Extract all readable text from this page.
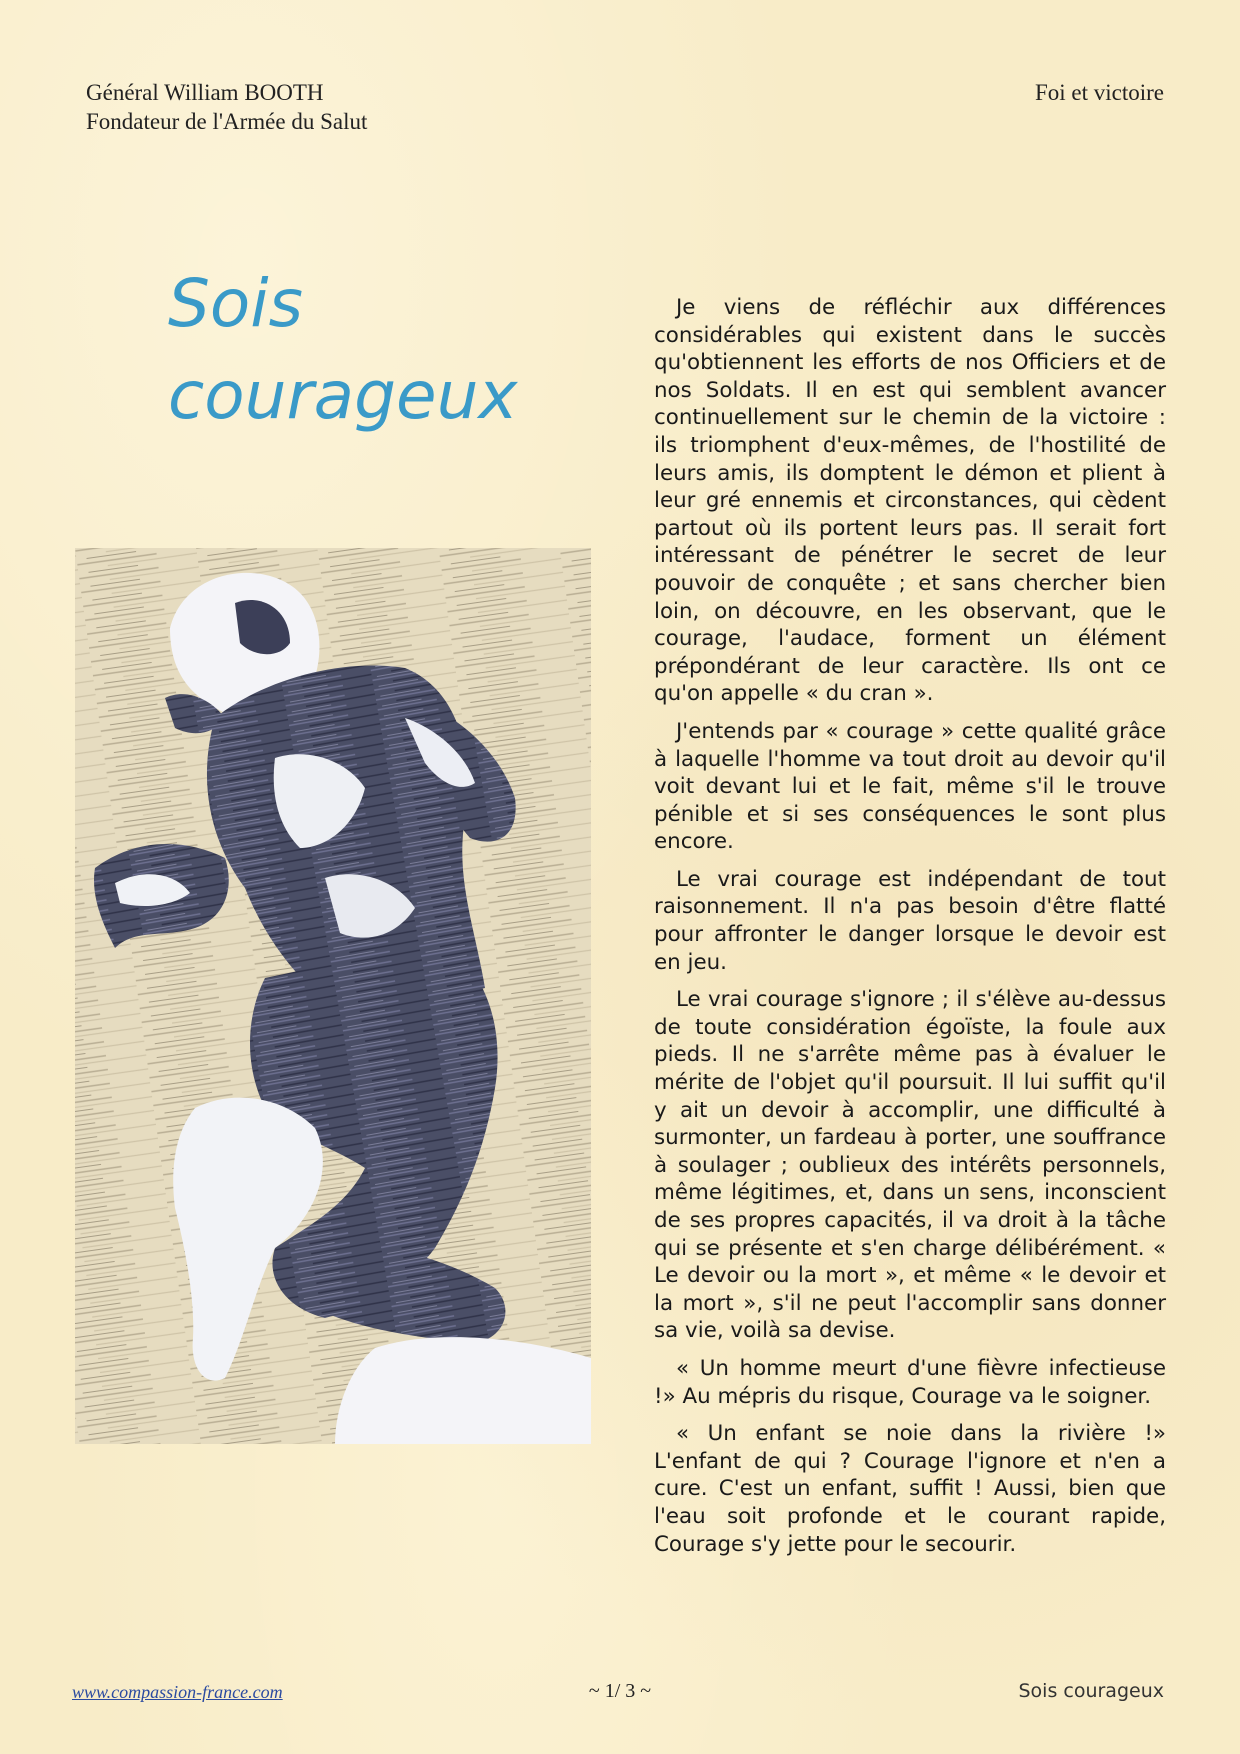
Général William BOOTH
Fondateur de l'Armée du Salut
Foi et victoire
Sois
courageux

Je viens de réfléchir aux différences considérables qui existent dans le succès qu'obtiennent les efforts de nos Officiers et de nos Soldats. Il en est qui semblent avancer continuellement sur le chemin de la victoire : ils triomphent d'eux-mêmes, de l'hostilité de leurs amis, ils domptent le démon et plient à leur gré ennemis et circonstances, qui cèdent partout où ils portent leurs pas. Il serait fort intéressant de pénétrer le secret de leur pouvoir de conquête ; et sans chercher bien loin, on découvre, en les observant, que le courage, l'audace, forment un élément prépondérant de leur caractère. Ils ont ce qu'on appelle « du cran ».

J'entends par « courage » cette qualité grâce à laquelle l'homme va tout droit au devoir qu'il voit devant lui et le fait, même s'il le trouve pénible et si ses conséquences le sont plus encore.

Le vrai courage est indépendant de tout raisonnement. Il n'a pas besoin d'être flatté pour affronter le danger lorsque le devoir est en jeu.

Le vrai courage s'ignore ; il s'élève au-dessus de toute considération égoïste, la foule aux pieds. Il ne s'arrête même pas à évaluer le mérite de l'objet qu'il poursuit. Il lui suffit qu'il y ait un devoir à accomplir, une difficulté à surmonter, un fardeau à porter, une souffrance à soulager ; oublieux des intérêts personnels, même légitimes, et, dans un sens, inconscient de ses propres capacités, il va droit à la tâche qui se présente et s'en charge délibérément. « Le devoir ou la mort », et même « le devoir et la mort », s'il ne peut l'accomplir sans donner sa vie, voilà sa devise.

« Un homme meurt d'une fièvre infectieuse !» Au mépris du risque, Courage va le soigner.

« Un enfant se noie dans la rivière !» L'enfant de qui ? Courage l'ignore et n'en a cure. C'est un enfant, suffit ! Aussi, bien que l'eau soit profonde et le courant rapide, Courage s'y jette pour le secourir.

www.compassion-france.com	~ 1/ 3 ~	Sois courageux
